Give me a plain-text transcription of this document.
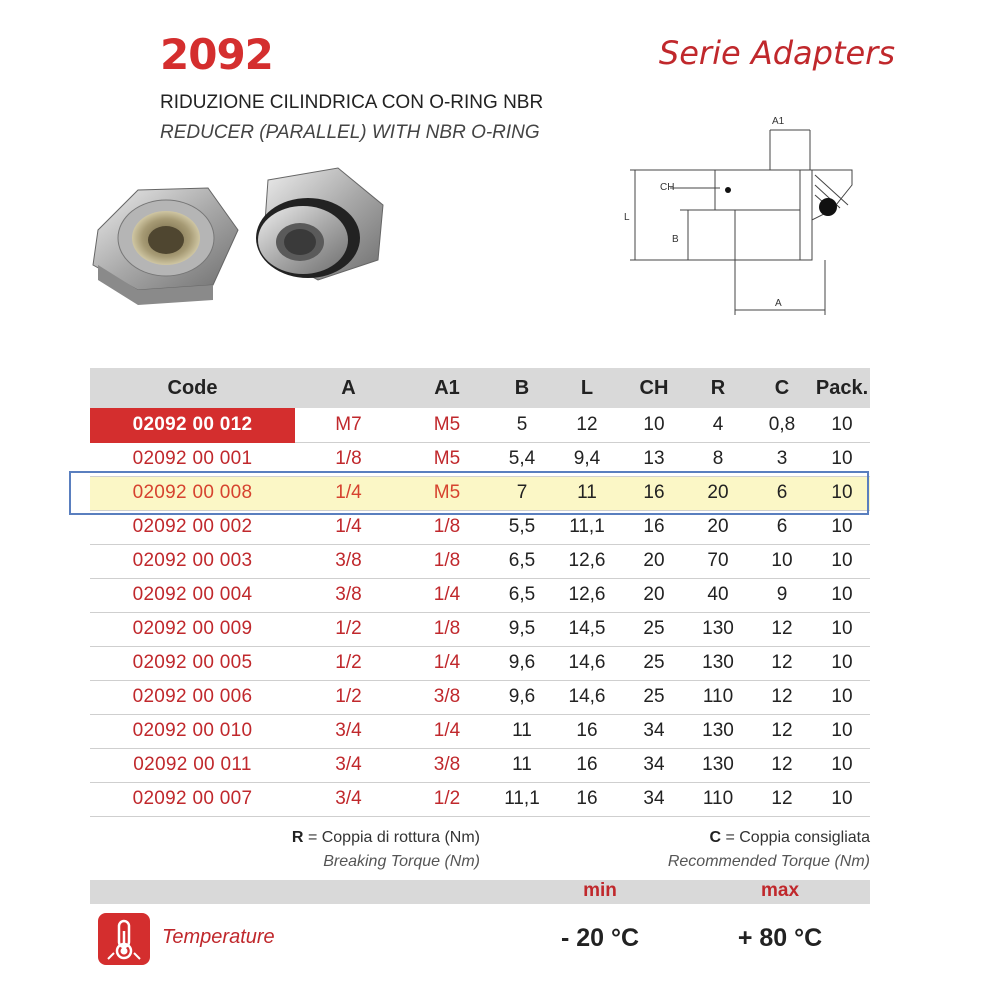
2092	Serie Adapters
RIDUZIONE CILINDRICA CON O-RING NBR
REDUCER (PARALLEL) WITH NBR O-RING
A1
CH
L
B
A
Code	A	A1	B	L	CH	R	C	Pack.
02092 00 012	M7	M5	5	12	10	4	0,8	10
02092 00 001	1/8	M5	5,4	9,4	13	8	3	10
02092 00 008	1/4	M5	7	11	16	20	6	10
02092 00 002	1/4	1/8	5,5	11,1	16	20	6	10
02092 00 003	3/8	1/8	6,5	12,6	20	70	10	10
02092 00 004	3/8	1/4	6,5	12,6	20	40	9	10
02092 00 009	1/2	1/8	9,5	14,5	25	130	12	10
02092 00 005	1/2	1/4	9,6	14,6	25	130	12	10
02092 00 006	1/2	3/8	9,6	14,6	25	110	12	10
02092 00 010	3/4	1/4	11	16	34	130	12	10
02092 00 011	3/4	3/8	11	16	34	130	12	10
02092 00 007	3/4	1/2	11,1	16	34	110	12	10
R = Coppia di rottura (Nm)
Breaking Torque (Nm)
C = Coppia consigliata
Recommended Torque (Nm)
min	max
Temperature	- 20 °C	+ 80 °C
